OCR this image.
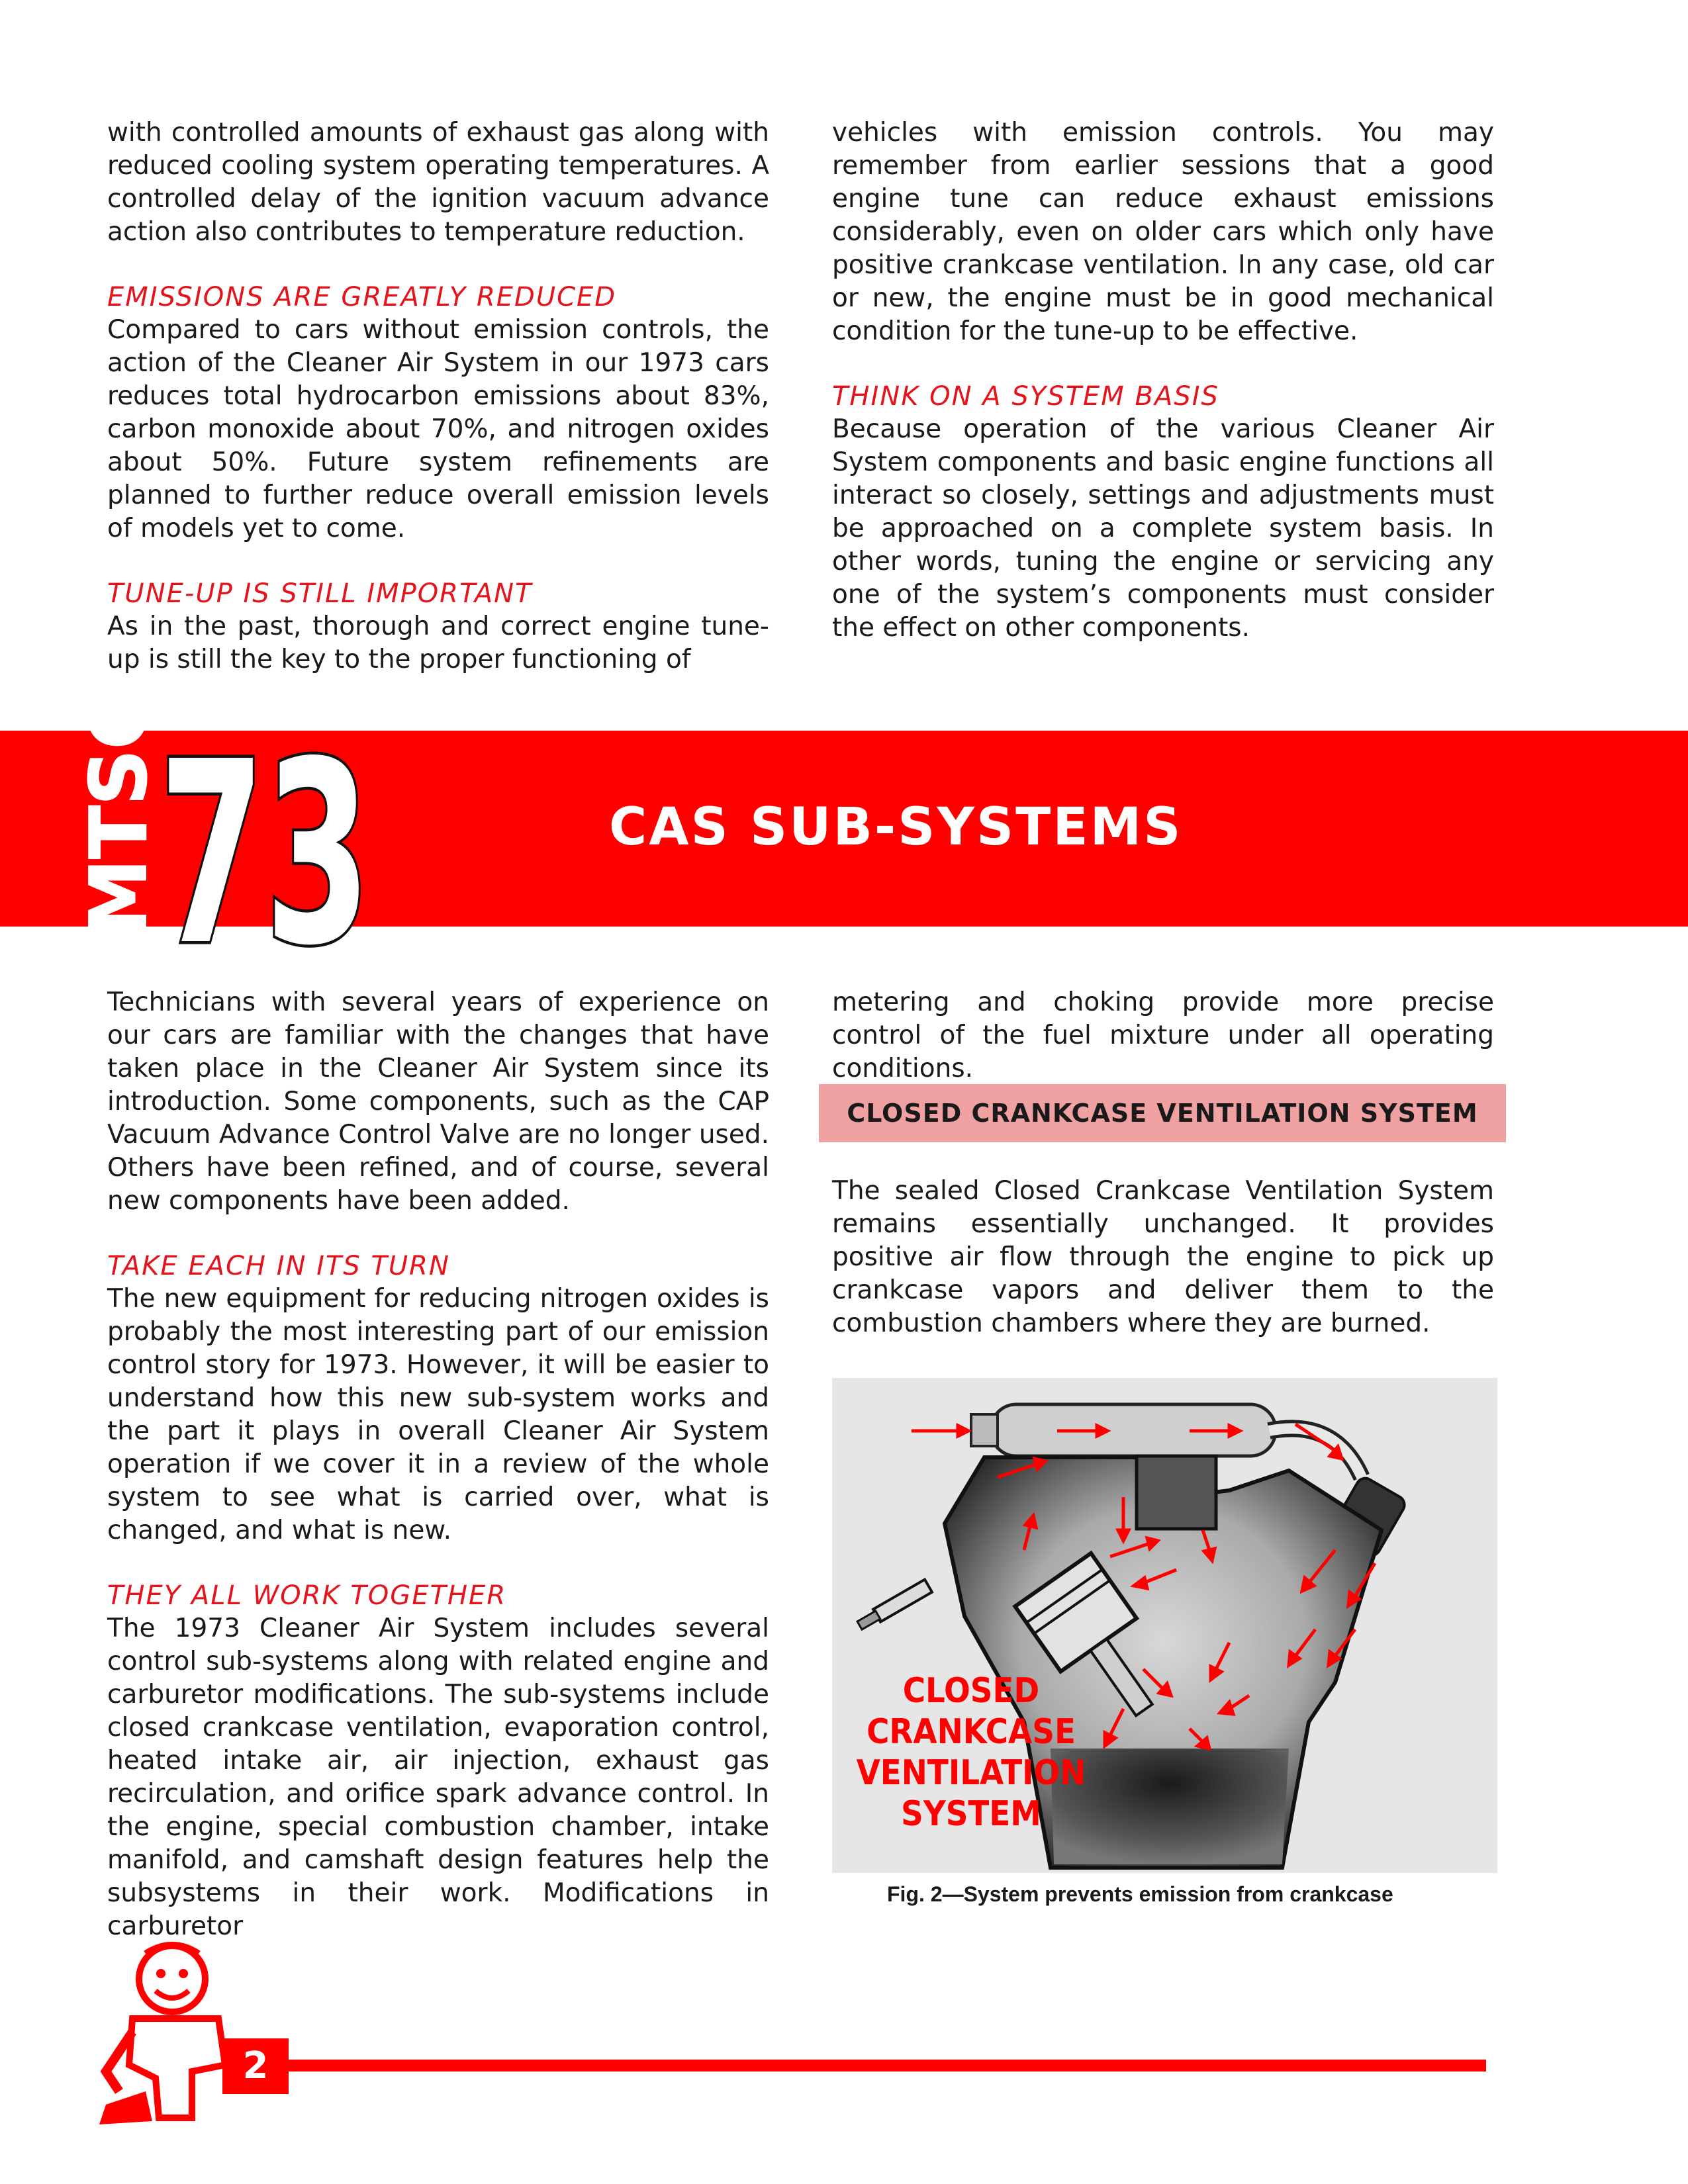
with controlled amounts of exhaust gas along with reduced cooling system operating temperatures. A controlled delay of the ignition vacuum advance action also contributes to temperature reduction.

EMISSIONS ARE GREATLY REDUCED

Compared to cars without emission controls, the action of the Cleaner Air System in our 1973 cars reduces total hydrocarbon emissions about 83%, carbon monoxide about 70%, and nitrogen oxides about 50%. Future system refinements are planned to further reduce overall emission levels of models yet to come.

TUNE-UP IS STILL IMPORTANT

As in the past, thorough and correct engine tune-up is still the key to the proper functioning of

vehicles with emission controls. You may remember from earlier sessions that a good engine tune can reduce exhaust emissions considerably, even on older cars which only have positive crankcase ventilation. In any case, old car or new, the engine must be in good mechanical condition for the tune-up to be effective.

THINK ON A SYSTEM BASIS

Because operation of the various Cleaner Air System components and basic engine functions all interact so closely, settings and adjustments must be approached on a complete system basis. In other words, tuning the engine or servicing any one of the system’s components must consider the effect on other components.

MTSC
73	CAS SUB-SYSTEMS

Technicians with several years of experience on our cars are familiar with the changes that have taken place in the Cleaner Air System since its introduction. Some components, such as the CAP Vacuum Advance Control Valve are no longer used. Others have been refined, and of course, several new components have been added.

TAKE EACH IN ITS TURN

The new equipment for reducing nitrogen oxides is probably the most interesting part of our emission control story for 1973. However, it will be easier to understand how this new sub-system works and the part it plays in overall Cleaner Air System operation if we cover it in a review of the whole system to see what is carried over, what is changed, and what is new.

THEY ALL WORK TOGETHER

The 1973 Cleaner Air System includes several control sub-systems along with related engine and carburetor modifications. The sub-systems include closed crankcase ventilation, evaporation control, heated intake air, air injection, exhaust gas recirculation, and orifice spark advance control. In the engine, special combustion chamber, intake manifold, and camshaft design features help the subsystems in their work. Modifications in carburetor

metering and choking provide more precise control of the fuel mixture under all operating conditions.

CLOSED CRANKCASE VENTILATION SYSTEM

The sealed Closed Crankcase Ventilation System remains essentially unchanged. It provides positive air flow through the engine to pick up crankcase vapors and deliver them to the combustion chambers where they are burned.

CLOSED
CRANKCASE
VENTILATION
SYSTEM
Fig. 2—System prevents emission from crankcase
2
